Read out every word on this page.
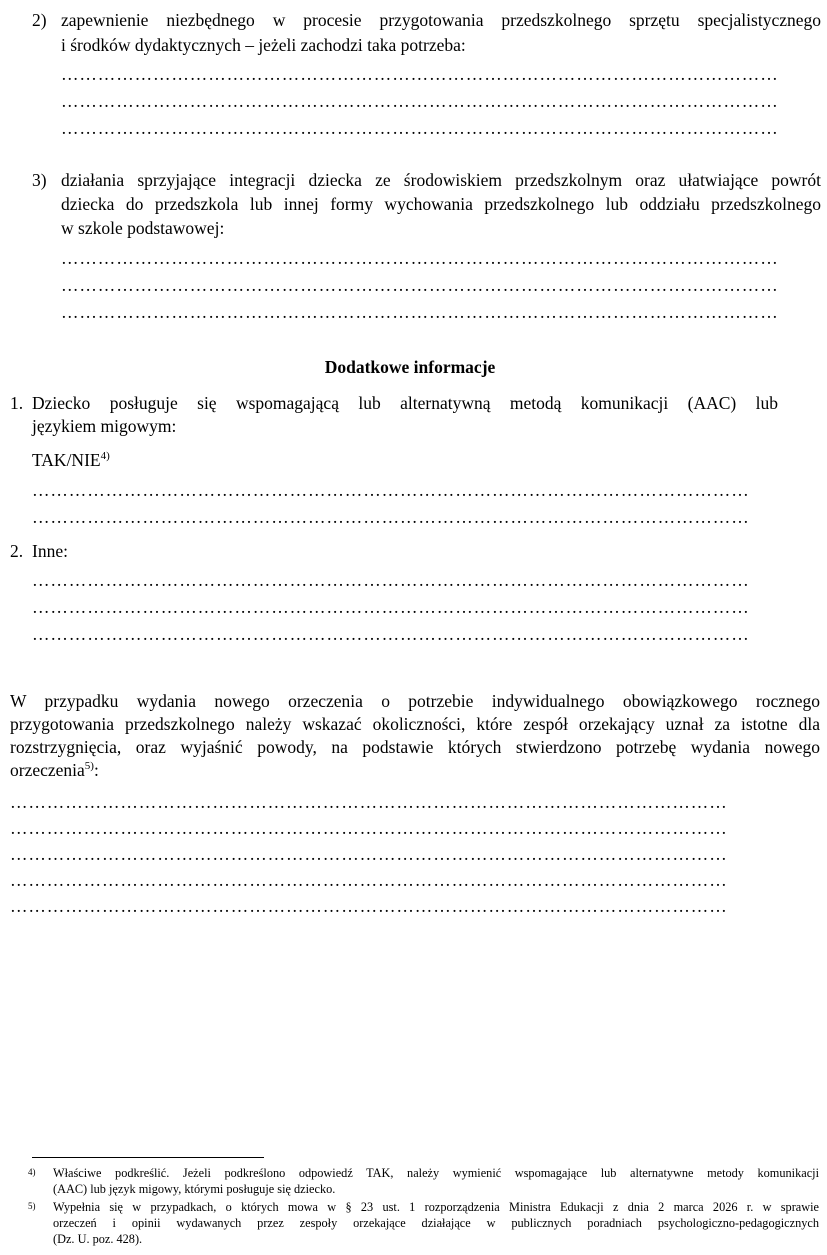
2) zapewnienie niezbędnego w procesie przygotowania przedszkolnego sprzętu specjalistycznego
i środków dydaktycznych – jeżeli zachodzi taka potrzeba:
………………………………………………………………………………………………………
………………………………………………………………………………………………………
………………………………………………………………………………………………………
3) działania sprzyjające integracji dziecka ze środowiskiem przedszkolnym oraz ułatwiające powrót
dziecka do przedszkola lub innej formy wychowania przedszkolnego lub oddziału przedszkolnego
w szkole podstawowej:
………………………………………………………………………………………………………
………………………………………………………………………………………………………
………………………………………………………………………………………………………
Dodatkowe informacje
1. Dziecko posługuje się wspomagającą lub alternatywną metodą komunikacji (AAC) lub
językiem migowym:
TAK/NIE$^{4)}$
………………………………………………………………………………………………………
………………………………………………………………………………………………………
2. Inne:
………………………………………………………………………………………………………
………………………………………………………………………………………………………
………………………………………………………………………………………………………
W przypadku wydania nowego orzeczenia o potrzebie indywidualnego obowiązkowego rocznego
przygotowania przedszkolnego należy wskazać okoliczności, które zespół orzekający uznał za istotne dla
rozstrzygnięcia, oraz wyjaśnić powody, na podstawie których stwierdzono potrzebę wydania nowego
orzeczenia$^{5)}$:
………………………………………………………………………………………………………
………………………………………………………………………………………………………
………………………………………………………………………………………………………
………………………………………………………………………………………………………
………………………………………………………………………………………………………
4) Właściwe podkreślić. Jeżeli podkreślono odpowiedź TAK, należy wymienić wspomagające lub alternatywne metody komunikacji
(AAC) lub język migowy, którymi posługuje się dziecko.
5) Wypełnia się w przypadkach, o których mowa w § 23 ust. 1 rozporządzenia Ministra Edukacji z dnia 2 marca 2026 r. w sprawie
orzeczeń i opinii wydawanych przez zespoły orzekające działające w publicznych poradniach psychologiczno-pedagogicznych
(Dz. U. poz. 428).
